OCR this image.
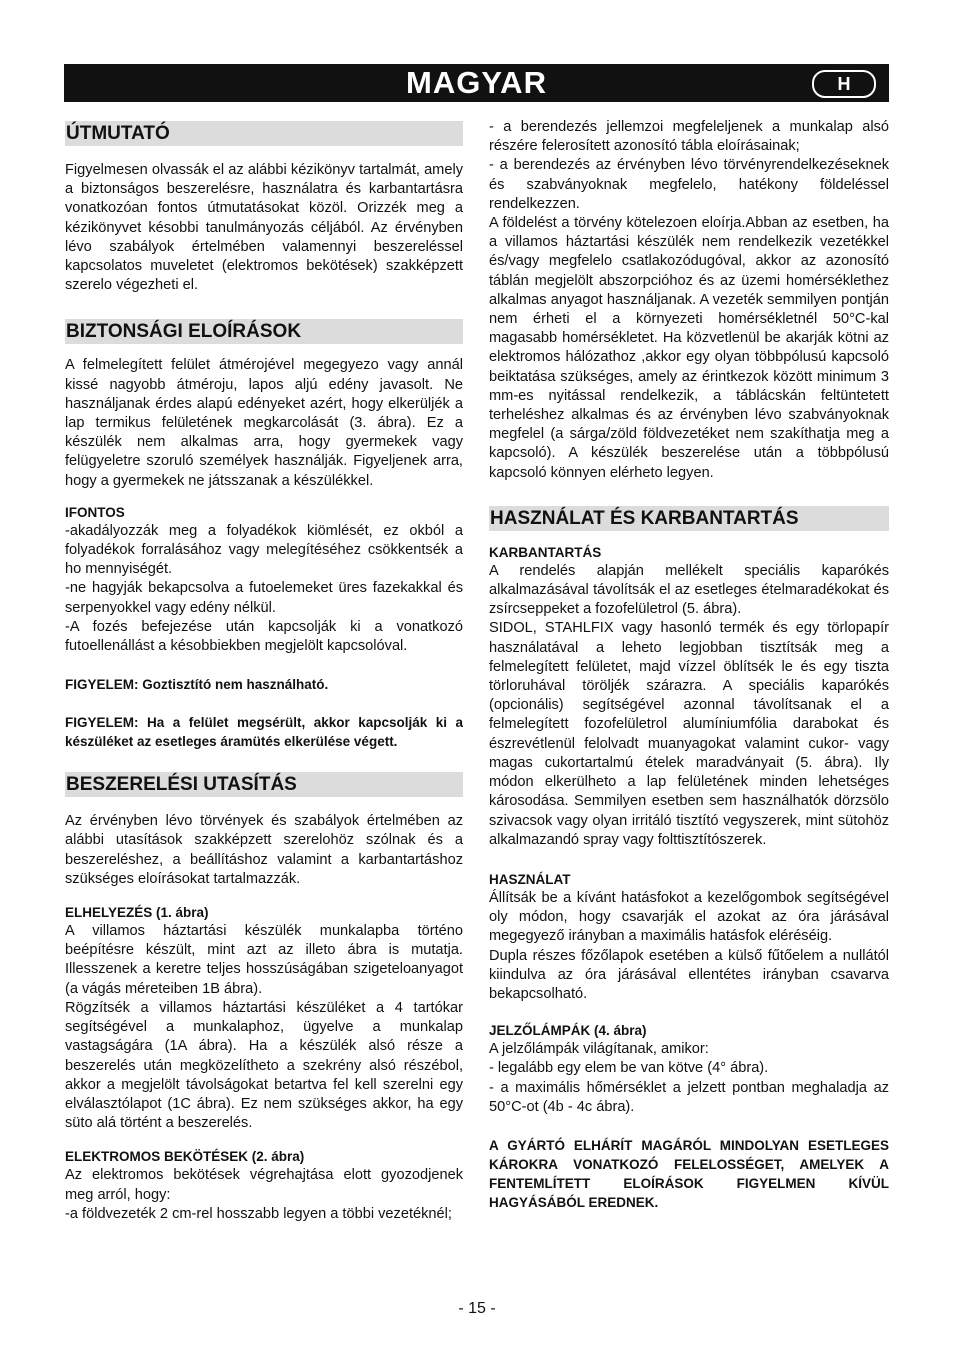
MAGYAR	H
ÚTMUTATÓ

Figyelmesen olvassák el az alábbi kézikönyv tartalmát, amely a biztonságos beszerelésre, használatra és karbantartásra vonatkozóan fontos útmutatásokat közöl. Orizzék meg a kézikönyvet késobbi tanulmányozás céljából. Az érvényben lévo szabályok értelmében valamennyi beszereléssel kapcsolatos muveletet (elektromos bekötések) szakképzett szerelo végezheti el.

BIZTONSÁGI ELOÍRÁSOK

A felmelegített felület átmérojével megegyezo vagy annál kissé nagyobb átméroju, lapos aljú edény javasolt. Ne használjanak érdes alapú edényeket azért, hogy elkerüljék a lap termikus felületének megkarcolását (3. ábra). Ez a készülék nem alkalmas arra, hogy gyermekek vagy felügyeletre szoruló személyek használják. Figyeljenek arra, hogy a gyermekek ne játsszanak a készülékkel.

IFONTOS

-akadályozzák meg a folyadékok kiömlését, ez okból a folyadékok forralásához vagy melegítéséhez csökkentsék a ho mennyiségét.

-ne hagyják bekapcsolva a futoelemeket üres fazekakkal és serpenyokkel vagy edény nélkül.

-A fozés befejezése után kapcsolják ki a vonatkozó futoellenállást a késobbiekben megjelölt kapcsolóval.

FIGYELEM: Goztisztító nem használható.

FIGYELEM: Ha a felület megsérült, akkor kapcsolják ki a készüléket az esetleges áramütés elkerülése végett.

BESZERELÉSI UTASÍTÁS

Az érvényben lévo törvények és szabályok értelmében az alábbi utasítások szakképzett szerelohöz szólnak és a beszereléshez, a beállításhoz valamint a karbantartáshoz szükséges eloírásokat tartalmazzák.

ELHELYEZÉS (1. ábra)

A villamos háztartási készülék munkalapba történo beépítésre készült, mint azt az illeto ábra is mutatja. Illesszenek a keretre teljes hosszúságában szigeteloanyagot (a vágás méreteiben 1B ábra).

Rögzítsék a villamos háztartási készüléket a 4 tartókar segítségével a munkalaphoz, ügyelve a munkalap vastagságára (1A ábra). Ha a készülék alsó része a beszerelés után megközelítheto a szekrény alsó részébol, akkor a megjelölt távolságokat betartva fel kell szerelni egy elválasztólapot (1C ábra). Ez nem szükséges akkor, ha egy süto alá történt a beszerelés.

ELEKTROMOS BEKÖTÉSEK (2. ábra)

Az elektromos bekötések végrehajtása elott gyozodjenek meg arról, hogy:

-a földvezeték 2 cm-rel hosszabb legyen a többi vezetéknél;

- a berendezés jellemzoi megfeleljenek a munkalap alsó részére felerosített azonosító tábla eloírásainak;

- a berendezés az érvényben lévo törvényrendelkezéseknek és szabványoknak megfelelo, hatékony földeléssel rendelkezzen.

A földelést a törvény kötelezoen eloírja.Abban az esetben, ha a villamos háztartási készülék nem rendelkezik vezetékkel és/vagy megfelelo csatlakozódugóval, akkor az azonosító táblán megjelölt abszorpcióhoz és az üzemi homérséklethez alkalmas anyagot használjanak. A vezeték semmilyen pontján nem érheti el a környezeti homérsékletnél 50°C-kal magasabb homérsékletet. Ha közvetlenül be akarják kötni az elektromos hálózathoz ,akkor egy olyan többpólusú kapcsoló beiktatása szükséges, amely az érintkezok között minimum 3 mm-es nyitással rendelkezik, a táblácskán feltüntetett terheléshez alkalmas és az érvényben lévo szabványoknak megfelel (a sárga/zöld földvezetéket nem szakíthatja meg a kapcsoló). A készülék beszerelése után a többpólusú kapcsoló könnyen elérheto legyen.

HASZNÁLAT ÉS KARBANTARTÁS

KARBANTARTÁS

A rendelés alapján mellékelt speciális kaparókés alkalmazásával távolítsák el az esetleges ételmaradékokat és zsírcseppeket a fozofelületrol (5. ábra).

SIDOL, STAHLFIX vagy hasonló termék és egy törlopapír használatával a leheto legjobban tisztítsák meg a felmelegített felületet, majd vízzel öblítsék le és egy tiszta törloruhával töröljék szárazra. A speciális kaparókés (opcionális) segítségével azonnal távolítsanak el a felmelegített fozofelületrol alumíniumfólia darabokat és észrevétlenül felolvadt muanyagokat valamint cukor- vagy magas cukortartalmú ételek maradványait (5. ábra). Ily módon elkerülheto a lap felületének minden lehetséges károsodása. Semmilyen esetben sem használhatók dörzsölo szivacsok vagy olyan irritáló tisztító vegyszerek, mint sütohöz alkalmazandó spray vagy folttisztítószerek.

HASZNÁLAT

Állítsák be a kívánt hatásfokot a kezelőgombok segítségével oly módon, hogy csavarják el azokat az óra járásával megegyező irányban a maximális hatásfok eléréséig.

Dupla részes főzőlapok esetében a külső fűtőelem a nullától kiindulva az óra járásával ellentétes irányban csavarva bekapcsolható.

JELZŐLÁMPÁK (4. ábra)

A jelzőlámpák világítanak, amikor:

- legalább egy elem be van kötve (4° ábra).

- a maximális hőmérséklet a jelzett pontban meghaladja az 50°C-ot (4b - 4c ábra).

A GYÁRTÓ ELHÁRÍT MAGÁRÓL MINDOLYAN ESETLEGES KÁROKRA VONATKOZÓ FELELOSSÉGET, AMELYEK A FENTEMLÍTETT ELOÍRÁSOK FIGYELMEN KÍVÜL HAGYÁSÁBÓL EREDNEK.

- 15 -
